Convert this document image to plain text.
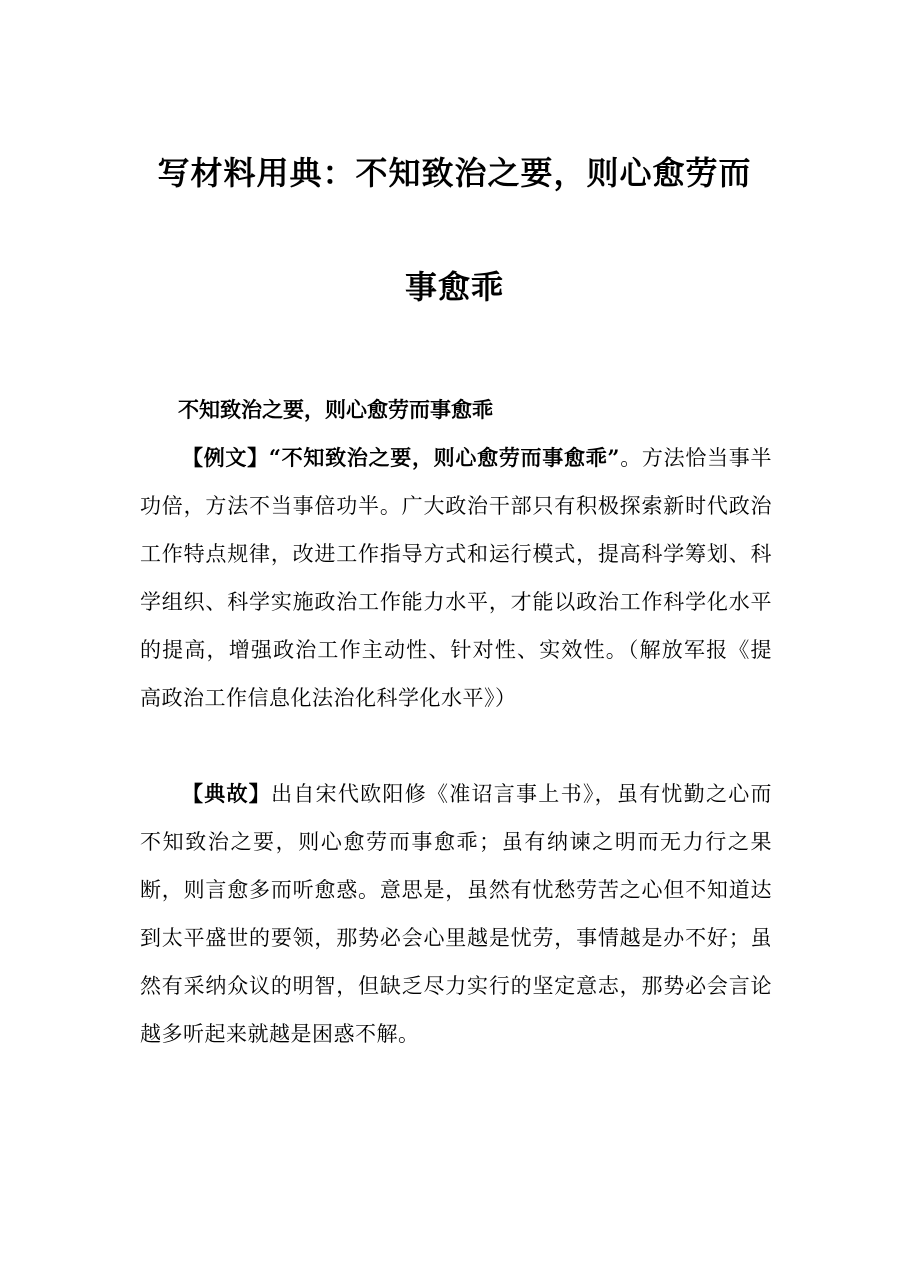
写材料用典：不知致治之要，则心愈劳而
事愈乖

不知致治之要，则心愈劳而事愈乖

【例文】“不知致治之要，则心愈劳而事愈乖”。方法恰当事半功倍，方法不当事倍功半。广大政治干部只有积极探索新时代政治工作特点规律，改进工作指导方式和运行模式，提高科学筹划、科学组织、科学实施政治工作能力水平，才能以政治工作科学化水平的提高，增强政治工作主动性、针对性、实效性。（解放军报《提高政治工作信息化法治化科学化水平》）

【典故】出自宋代欧阳修《准诏言事上书》，虽有忧勤之心而不知致治之要，则心愈劳而事愈乖；虽有纳谏之明而无力行之果断，则言愈多而听愈惑。意思是，虽然有忧愁劳苦之心但不知道达到太平盛世的要领，那势必会心里越是忧劳，事情越是办不好；虽然有采纳众议的明智，但缺乏尽力实行的坚定意志，那势必会言论越多听起来就越是困惑不解。
